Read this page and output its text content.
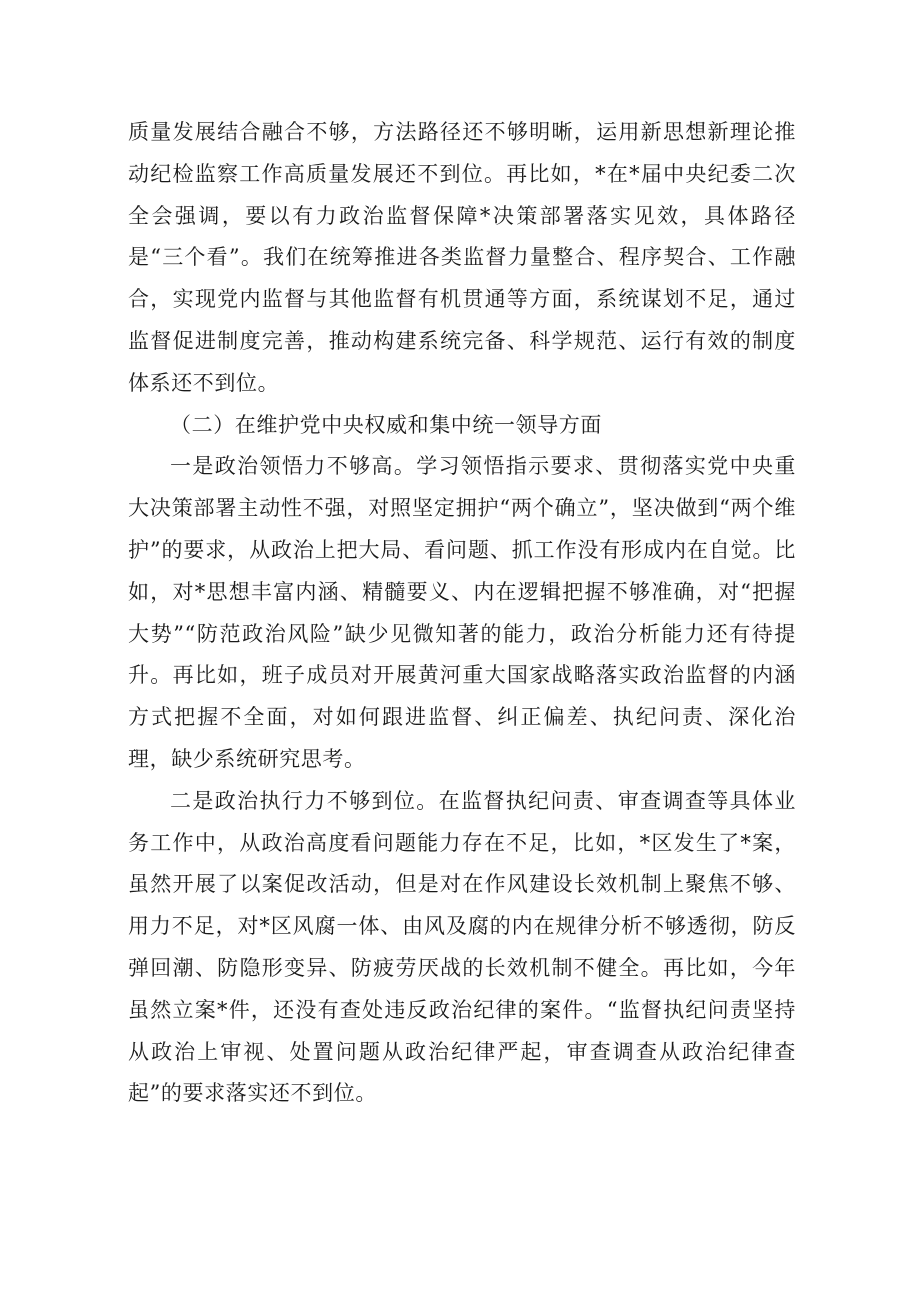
质量发展结合融合不够，方法路径还不够明晰，运用新思想新理论推动纪检监察工作高质量发展还不到位。再比如，*在*届中央纪委二次全会强调，要以有力政治监督保障*决策部署落实见效，具体路径是“三个看”。我们在统筹推进各类监督力量整合、程序契合、工作融合，实现党内监督与其他监督有机贯通等方面，系统谋划不足，通过监督促进制度完善，推动构建系统完备、科学规范、运行有效的制度体系还不到位。

（二）在维护党中央权威和集中统一领导方面

一是政治领悟力不够高。学习领悟指示要求、贯彻落实党中央重大决策部署主动性不强，对照坚定拥护“两个确立”，坚决做到“两个维护”的要求，从政治上把大局、看问题、抓工作没有形成内在自觉。比如，对*思想丰富内涵、精髓要义、内在逻辑把握不够准确，对“把握大势”“防范政治风险”缺少见微知著的能力，政治分析能力还有待提升。再比如，班子成员对开展黄河重大国家战略落实政治监督的内涵方式把握不全面，对如何跟进监督、纠正偏差、执纪问责、深化治理，缺少系统研究思考。

二是政治执行力不够到位。在监督执纪问责、审查调查等具体业务工作中，从政治高度看问题能力存在不足，比如，*区发生了*案，虽然开展了以案促改活动，但是对在作风建设长效机制上聚焦不够、用力不足，对*区风腐一体、由风及腐的内在规律分析不够透彻，防反弹回潮、防隐形变异、防疲劳厌战的长效机制不健全。再比如，今年虽然立案*件，还没有查处违反政治纪律的案件。“监督执纪问责坚持从政治上审视、处置问题从政治纪律严起，审查调查从政治纪律查起”的要求落实还不到位。
